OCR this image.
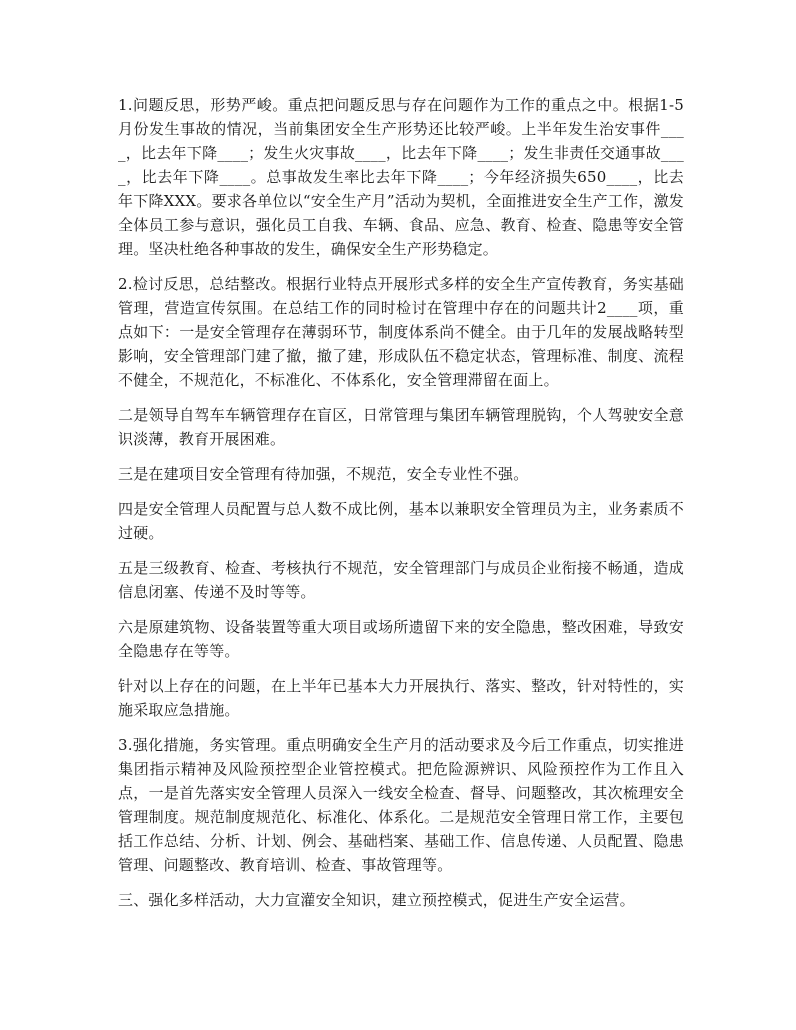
1.问题反思，形势严峻。重点把问题反思与存在问题作为工作的重点之中。根据1-5月份发生事故的情况，当前集团安全生产形势还比较严峻。上半年发生治安事件____，比去年下降____；发生火灾事故____，比去年下降____；发生非责任交通事故____，比去年下降____。总事故发生率比去年下降____；今年经济损失650____，比去年下降XXX。要求各单位以“安全生产月”活动为契机，全面推进安全生产工作，激发全体员工参与意识，强化员工自我、车辆、食品、应急、教育、检查、隐患等安全管理。坚决杜绝各种事故的发生，确保安全生产形势稳定。

2.检讨反思，总结整改。根据行业特点开展形式多样的安全生产宣传教育，务实基础管理，营造宣传氛围。在总结工作的同时检讨在管理中存在的问题共计2____项，重点如下：一是安全管理存在薄弱环节，制度体系尚不健全。由于几年的发展战略转型影响，安全管理部门建了撤，撤了建，形成队伍不稳定状态，管理标准、制度、流程不健全，不规范化，不标准化、不体系化，安全管理滞留在面上。

二是领导自驾车车辆管理存在盲区，日常管理与集团车辆管理脱钩，个人驾驶安全意识淡薄，教育开展困难。

三是在建项目安全管理有待加强，不规范，安全专业性不强。

四是安全管理人员配置与总人数不成比例，基本以兼职安全管理员为主，业务素质不过硬。

五是三级教育、检查、考核执行不规范，安全管理部门与成员企业衔接不畅通，造成信息闭塞、传递不及时等等。

六是原建筑物、设备装置等重大项目或场所遗留下来的安全隐患，整改困难，导致安全隐患存在等等。

针对以上存在的问题，在上半年已基本大力开展执行、落实、整改，针对特性的，实施采取应急措施。

3.强化措施，务实管理。重点明确安全生产月的活动要求及今后工作重点，切实推进集团指示精神及风险预控型企业管控模式。把危险源辨识、风险预控作为工作且入点，一是首先落实安全管理人员深入一线安全检查、督导、问题整改，其次梳理安全管理制度。规范制度规范化、标准化、体系化。二是规范安全管理日常工作，主要包括工作总结、分析、计划、例会、基础档案、基础工作、信息传递、人员配置、隐患管理、问题整改、教育培训、检查、事故管理等。

三、强化多样活动，大力宣灌安全知识，建立预控模式，促进生产安全运营。
